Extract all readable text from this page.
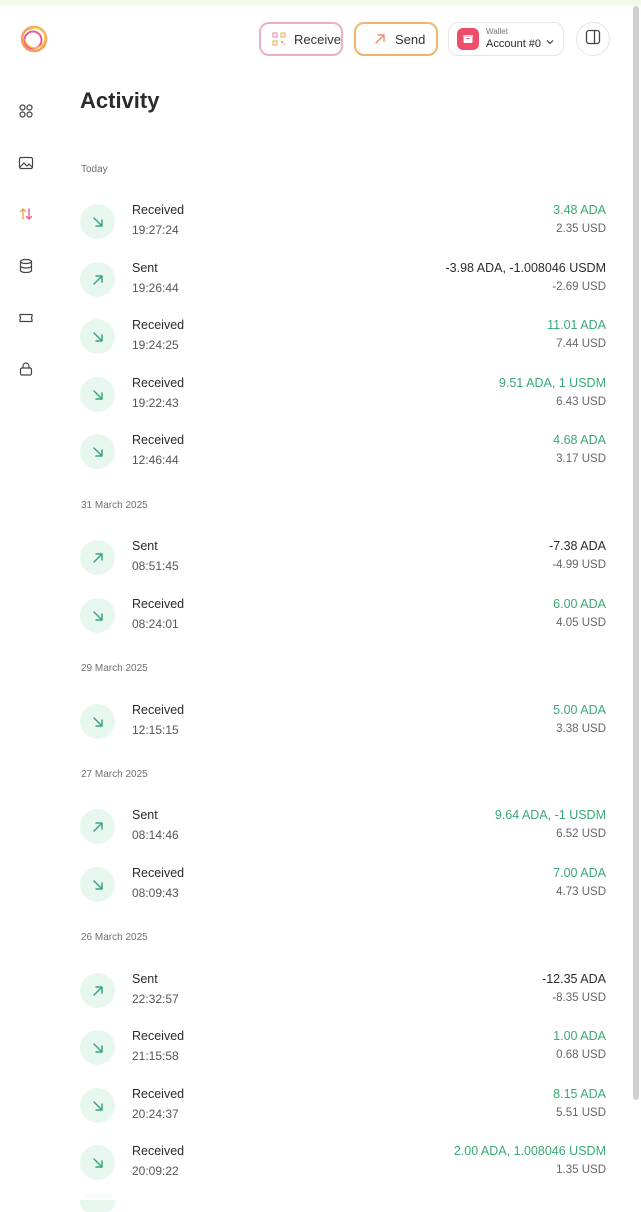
Receive	Send	Wallet
Account #0
Activity
Today
Received
19:27:24
3.48 ADA
2.35 USD
Sent
19:26:44
-3.98 ADA, -1.008046 USDM
-2.69 USD
Received
19:24:25
11.01 ADA
7.44 USD
Received
19:22:43
9.51 ADA, 1 USDM
6.43 USD
Received
12:46:44
4.68 ADA
3.17 USD
31 March 2025
Sent
08:51:45
-7.38 ADA
-4.99 USD
Received
08:24:01
6.00 ADA
4.05 USD
29 March 2025
Received
12:15:15
5.00 ADA
3.38 USD
27 March 2025
Sent
08:14:46
9.64 ADA, -1 USDM
6.52 USD
Received
08:09:43
7.00 ADA
4.73 USD
26 March 2025
Sent
22:32:57
-12.35 ADA
-8.35 USD
Received
21:15:58
1.00 ADA
0.68 USD
Received
20:24:37
8.15 ADA
5.51 USD
Received
20:09:22
2.00 ADA, 1.008046 USDM
1.35 USD
